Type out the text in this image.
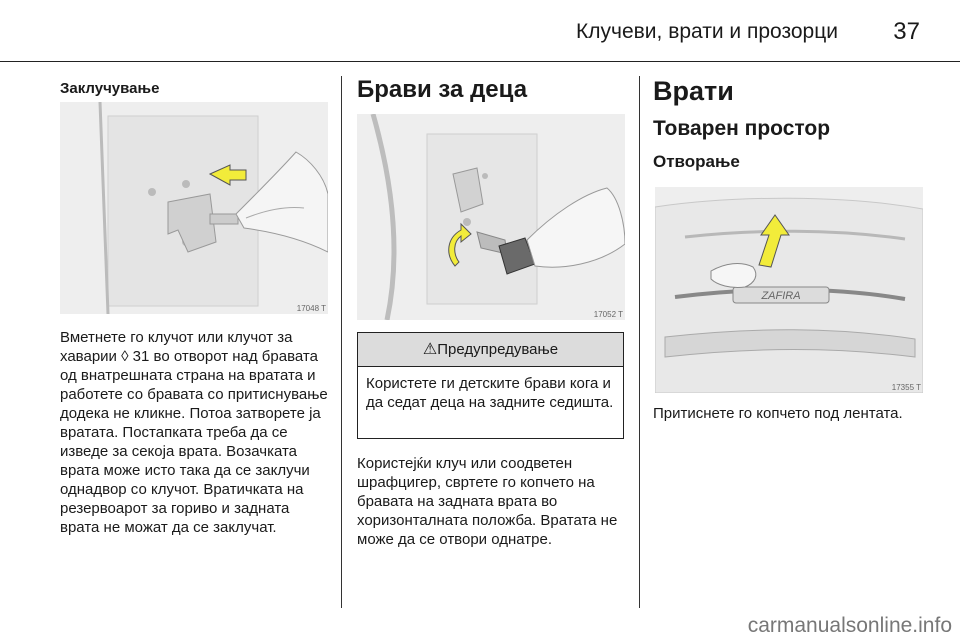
Клучеви, врати и прозорци 37
Заклучување
17048 T

Вметнете го клучот или клучот за хаварии ◊ 31 во отворот над бравата од внатрешната страна на вратата и работете со бравата со притиснување додека не кликне. Потоа затворете ја вратата. Постапката треба да се изведе за секоја врата. Возачката врата може исто така да се заклучи однадвор со клучот. Вратичката на резервоарот за гориво и задната врата не можат да се заклучат.

Брави за деца
17052 T
⚠Предупредување

Користете ги детските брави кога и да седат деца на задните седишта.

Користејќи клуч или соодветен шрафцигер, свртете го копчето на бравата на задната врата во хоризонталната положба. Вратата не може да се отвори однатре.

Врати
Товарен простор
Отворање
ZAFIRA
17355 T

Притиснете го копчето под лентата.

carmanualsonline.info
